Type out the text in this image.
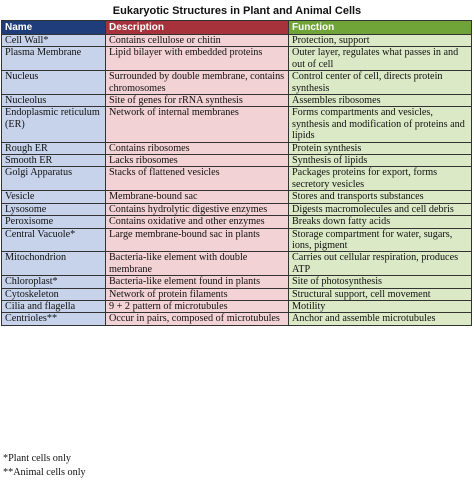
Eukaryotic Structures in Plant and Animal Cells
Name	Description	Function
Cell Wall*	Contains cellulose or chitin	Protection, support
Plasma Membrane	Lipid bilayer with embedded proteins	Outer layer, regulates what passes in and out of cell
Nucleus	Surrounded by double membrane, contains chromosomes	Control center of cell, directs protein synthesis
Nucleolus	Site of genes for rRNA synthesis	Assembles ribosomes
Endoplasmic reticulum (ER)	Network of internal membranes	Forms compartments and vesicles, synthesis and modification of proteins and lipids
Rough ER	Contains ribosomes	Protein synthesis
Smooth ER	Lacks ribosomes	Synthesis of lipids
Golgi Apparatus	Stacks of flattened vesicles	Packages proteins for export, forms secretory vesicles
Vesicle	Membrane-bound sac	Stores and transports substances
Lysosome	Contains hydrolytic digestive enzymes	Digests macromolecules and cell debris
Peroxisome	Contains oxidative and other enzymes	Breaks down fatty acids
Central Vacuole*	Large membrane-bound sac in plants	Storage compartment for water, sugars, ions, pigment
Mitochondrion	Bacteria-like element with double membrane	Carries out cellular respiration, produces ATP
Chloroplast*	Bacteria-like element found in plants	Site of photosynthesis
Cytoskeleton	Network of protein filaments	Structural support, cell movement
Cilia and flagella	9 + 2 pattern of microtubules	Motility
Centrioles**	Occur in pairs, composed of microtubules	Anchor and assemble microtubules
*Plant cells only
**Animal cells only
